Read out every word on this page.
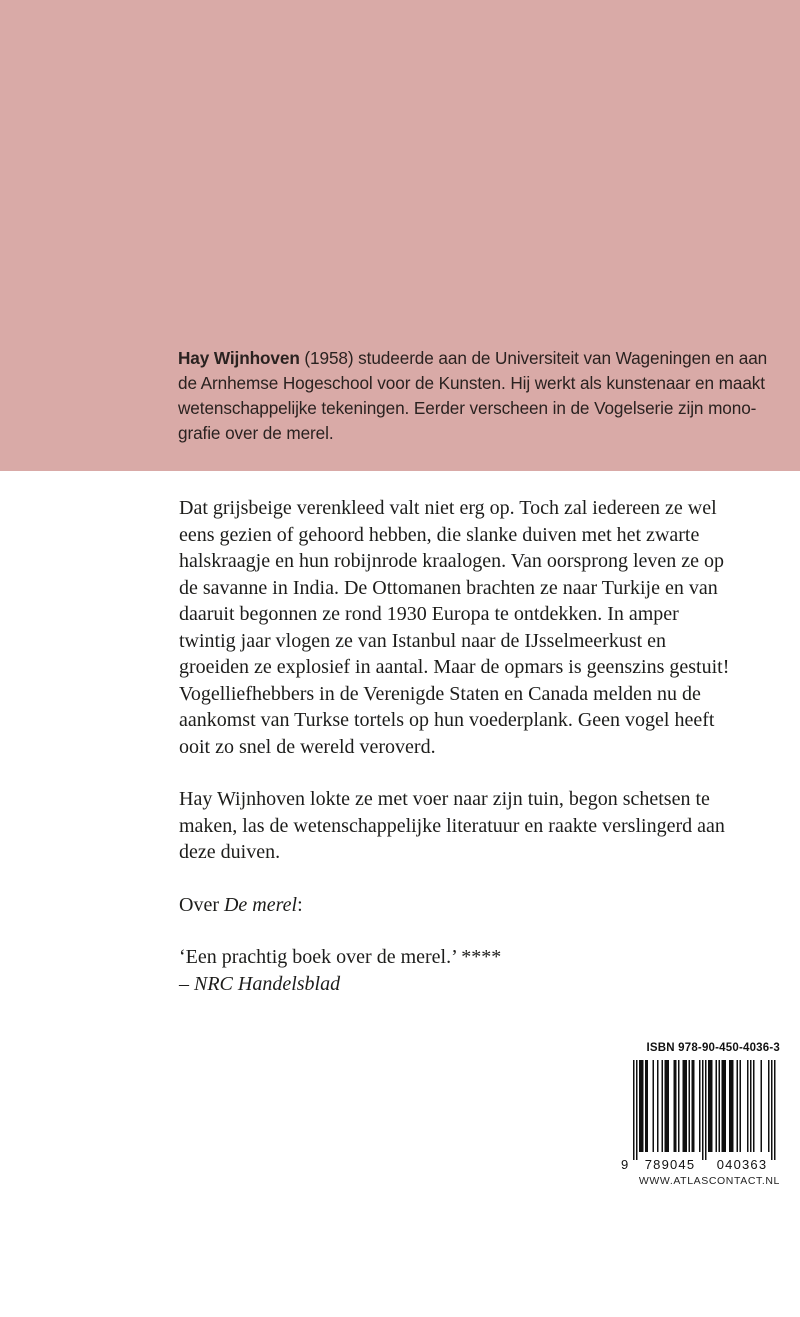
Hay Wijnhoven (1958) studeerde aan de Universiteit van Wageningen en aan
de Arnhemse Hogeschool voor de Kunsten. Hij werkt als kunstenaar en maakt
wetenschappelijke tekeningen. Eerder verscheen in de Vogelserie zijn mono-
grafie over de merel.
Dat grijsbeige verenkleed valt niet erg op. Toch zal iedereen ze wel
eens gezien of gehoord hebben, die slanke duiven met het zwarte
halskraagje en hun robijnrode kraalogen. Van oorsprong leven ze op
de savanne in India. De Ottomanen brachten ze naar Turkije en van
daaruit begonnen ze rond 1930 Europa te ontdekken. In amper
twintig jaar vlogen ze van Istanbul naar de IJsselmeerkust en
groeiden ze explosief in aantal. Maar de opmars is geenszins gestuit!
Vogelliefhebbers in de Verenigde Staten en Canada melden nu de
aankomst van Turkse tortels op hun voederplank. Geen vogel heeft
ooit zo snel de wereld veroverd.
Hay Wijnhoven lokte ze met voer naar zijn tuin, begon schetsen te
maken, las de wetenschappelijke literatuur en raakte verslingerd aan
deze duiven.
Over De merel:
‘Een prachtig boek over de merel.’ ****
– NRC Handelsblad
ISBN 978-90-450-4036-3
9 789045 040363
WWW.ATLASCONTACT.NL
